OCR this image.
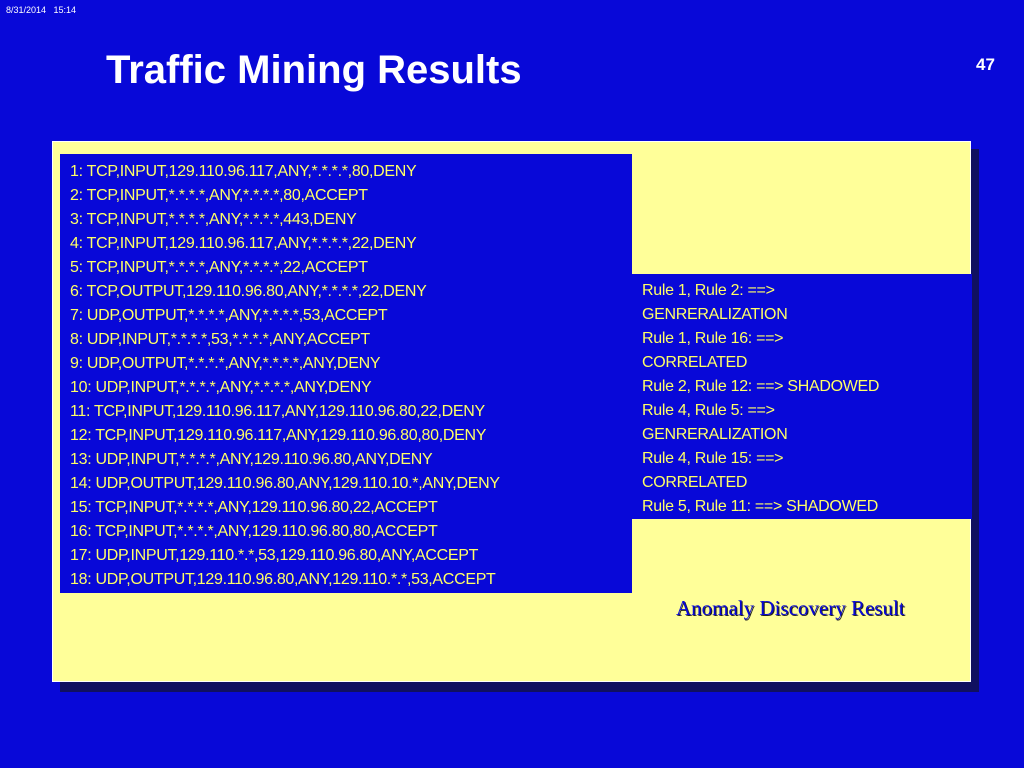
8/31/2014   15:14
Traffic Mining Results	47
1: TCP,INPUT,129.110.96.117,ANY,*.*.*.*,80,DENY
2: TCP,INPUT,*.*.*.*,ANY,*.*.*.*,80,ACCEPT
3: TCP,INPUT,*.*.*.*,ANY,*.*.*.*,443,DENY
4: TCP,INPUT,129.110.96.117,ANY,*.*.*.*,22,DENY
5: TCP,INPUT,*.*.*.*,ANY,*.*.*.*,22,ACCEPT
6: TCP,OUTPUT,129.110.96.80,ANY,*.*.*.*,22,DENY
7: UDP,OUTPUT,*.*.*.*,ANY,*.*.*.*,53,ACCEPT
8: UDP,INPUT,*.*.*.*,53,*.*.*.*,ANY,ACCEPT
9: UDP,OUTPUT,*.*.*.*,ANY,*.*.*.*,ANY,DENY
10: UDP,INPUT,*.*.*.*,ANY,*.*.*.*,ANY,DENY
11: TCP,INPUT,129.110.96.117,ANY,129.110.96.80,22,DENY
12: TCP,INPUT,129.110.96.117,ANY,129.110.96.80,80,DENY
13: UDP,INPUT,*.*.*.*,ANY,129.110.96.80,ANY,DENY
14: UDP,OUTPUT,129.110.96.80,ANY,129.110.10.*,ANY,DENY
15: TCP,INPUT,*.*.*.*,ANY,129.110.96.80,22,ACCEPT
16: TCP,INPUT,*.*.*.*,ANY,129.110.96.80,80,ACCEPT
17: UDP,INPUT,129.110.*.*,53,129.110.96.80,ANY,ACCEPT
18: UDP,OUTPUT,129.110.96.80,ANY,129.110.*.*,53,ACCEPT
Rule 1, Rule 2: ==>
GENRERALIZATION
Rule 1, Rule 16: ==>
CORRELATED
Rule 2, Rule 12: ==> SHADOWED
Rule 4, Rule 5: ==>
GENRERALIZATION
Rule 4, Rule 15: ==>
CORRELATED
Rule 5, Rule 11: ==> SHADOWED
Anomaly Discovery Result
